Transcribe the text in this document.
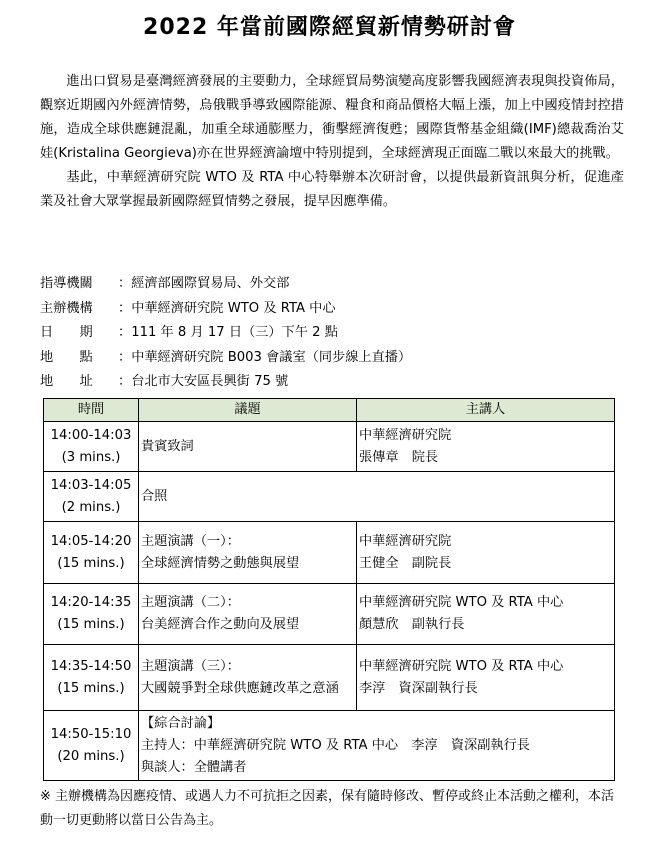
2022 年當前國際經貿新情勢研討會

進出口貿易是臺灣經濟發展的主要動力，全球經貿局勢演變高度影響我國經濟表現與投資佈局，觀察近期國內外經濟情勢，烏俄戰爭導致國際能源、糧食和商品價格大幅上漲，加上中國疫情封控措施，造成全球供應鏈混亂，加重全球通膨壓力，衝擊經濟復甦；國際貨幣基金組織(IMF)總裁喬治艾娃(Kristalina Georgieva)亦在世界經濟論壇中特別提到，全球經濟現正面臨二戰以來最大的挑戰。

基此，中華經濟研究院 WTO 及 RTA 中心特舉辦本次研討會，以提供最新資訊與分析，促進產業及社會大眾掌握最新國際經貿情勢之發展，提早因應準備。

指導機關	： 經濟部國際貿易局、外交部
主辦機構	： 中華經濟研究院 WTO 及 RTA 中心
日　　期	： 111 年 8 月 17 日（三）下午 2 點
地　　點	： 中華經濟研究院 B003 會議室（同步線上直播）
地　　址	： 台北市大安區長興街 75 號
時間	議題	主講人

14:00-14:03
(3 mins.)	貴賓致詞	中華經濟研究院
張傳章　院長

14:03-14:05
(2 mins.)	合照	

14:05-14:20
(15 mins.)	主題演講（一）：
全球經濟情勢之動態與展望	中華經濟研究院
王健全　副院長

14:20-14:35
(15 mins.)	主題演講（二）：
台美經濟合作之動向及展望	中華經濟研究院 WTO 及 RTA 中心
顏慧欣　副執行長

14:35-14:50
(15 mins.)	主題演講（三）：
大國競爭對全球供應鏈改革之意涵	中華經濟研究院 WTO 及 RTA 中心
李淳　資深副執行長

14:50-15:10
(20 mins.)	【綜合討論】
主持人：中華經濟研究院 WTO 及 RTA 中心　李淳　資深副執行長
與談人：全體講者	
※ 主辦機構為因應疫情、或遇人力不可抗拒之因素，保有隨時修改、暫停或終止本活動之權利，本活動一切更動將以當日公告為主。
